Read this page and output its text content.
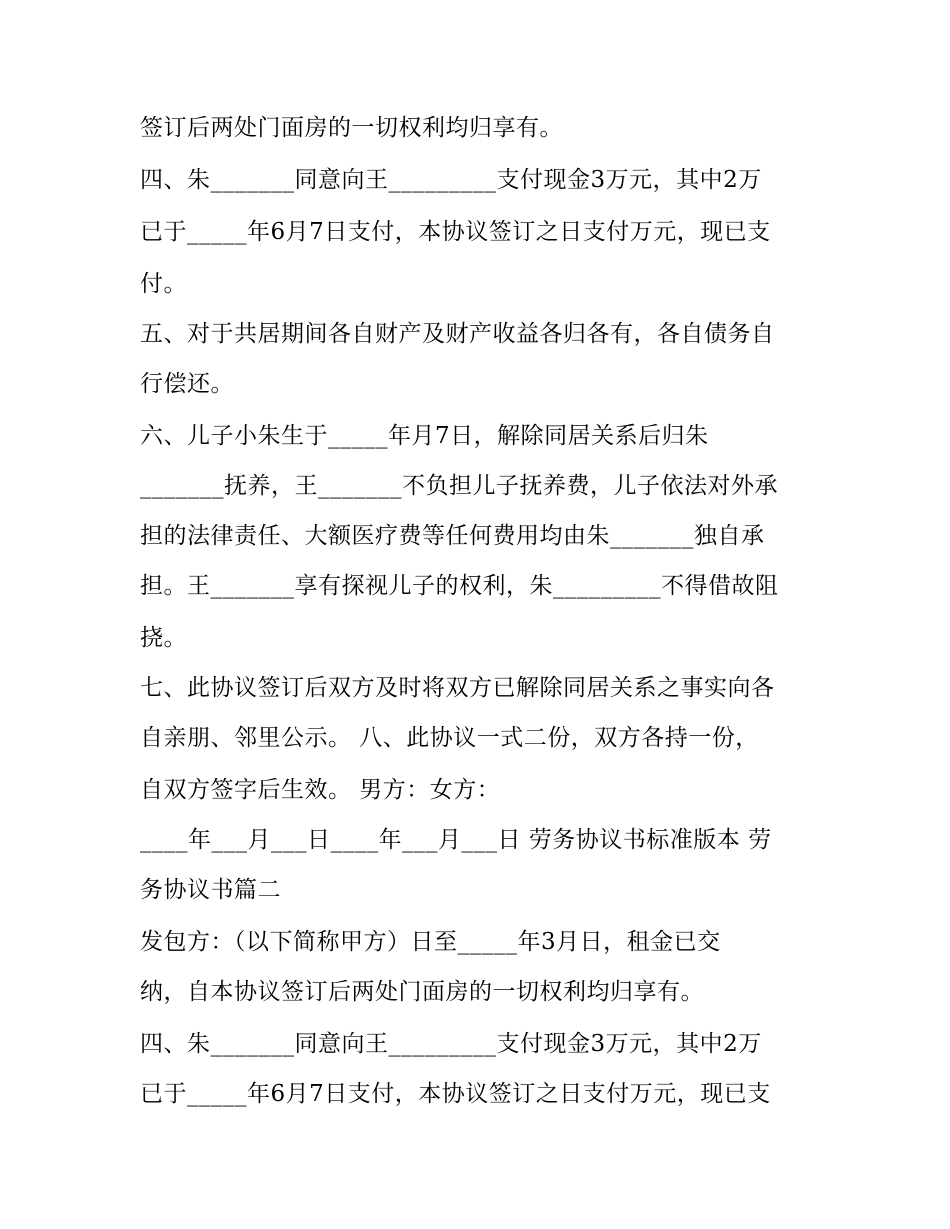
签订后两处门面房的一切权利均归享有。
四、朱_______同意向王_________支付现金3万元，其中2万
已于_____年6月7日支付，本协议签订之日支付万元，现已支
付。
五、对于共居期间各自财产及财产收益各归各有，各自债务自
行偿还。
六、儿子小朱生于_____年月7日，解除同居关系后归朱
_______抚养，王_______不负担儿子抚养费，儿子依法对外承
担的法律责任、大额医疗费等任何费用均由朱_______独自承
担。王_______享有探视儿子的权利，朱_________不得借故阻
挠。
七、此协议签订后双方及时将双方已解除同居关系之事实向各
自亲朋、邻里公示。 八、此协议一式二份，双方各持一份，
自双方签字后生效。 男方：女方：
____年___月___日____年___月___日 劳务协议书标准版本 劳
务协议书篇二
发包方：（以下简称甲方）日至_____年3月日，租金已交
纳，自本协议签订后两处门面房的一切权利均归享有。
四、朱_______同意向王_________支付现金3万元，其中2万
已于_____年6月7日支付，本协议签订之日支付万元，现已支
